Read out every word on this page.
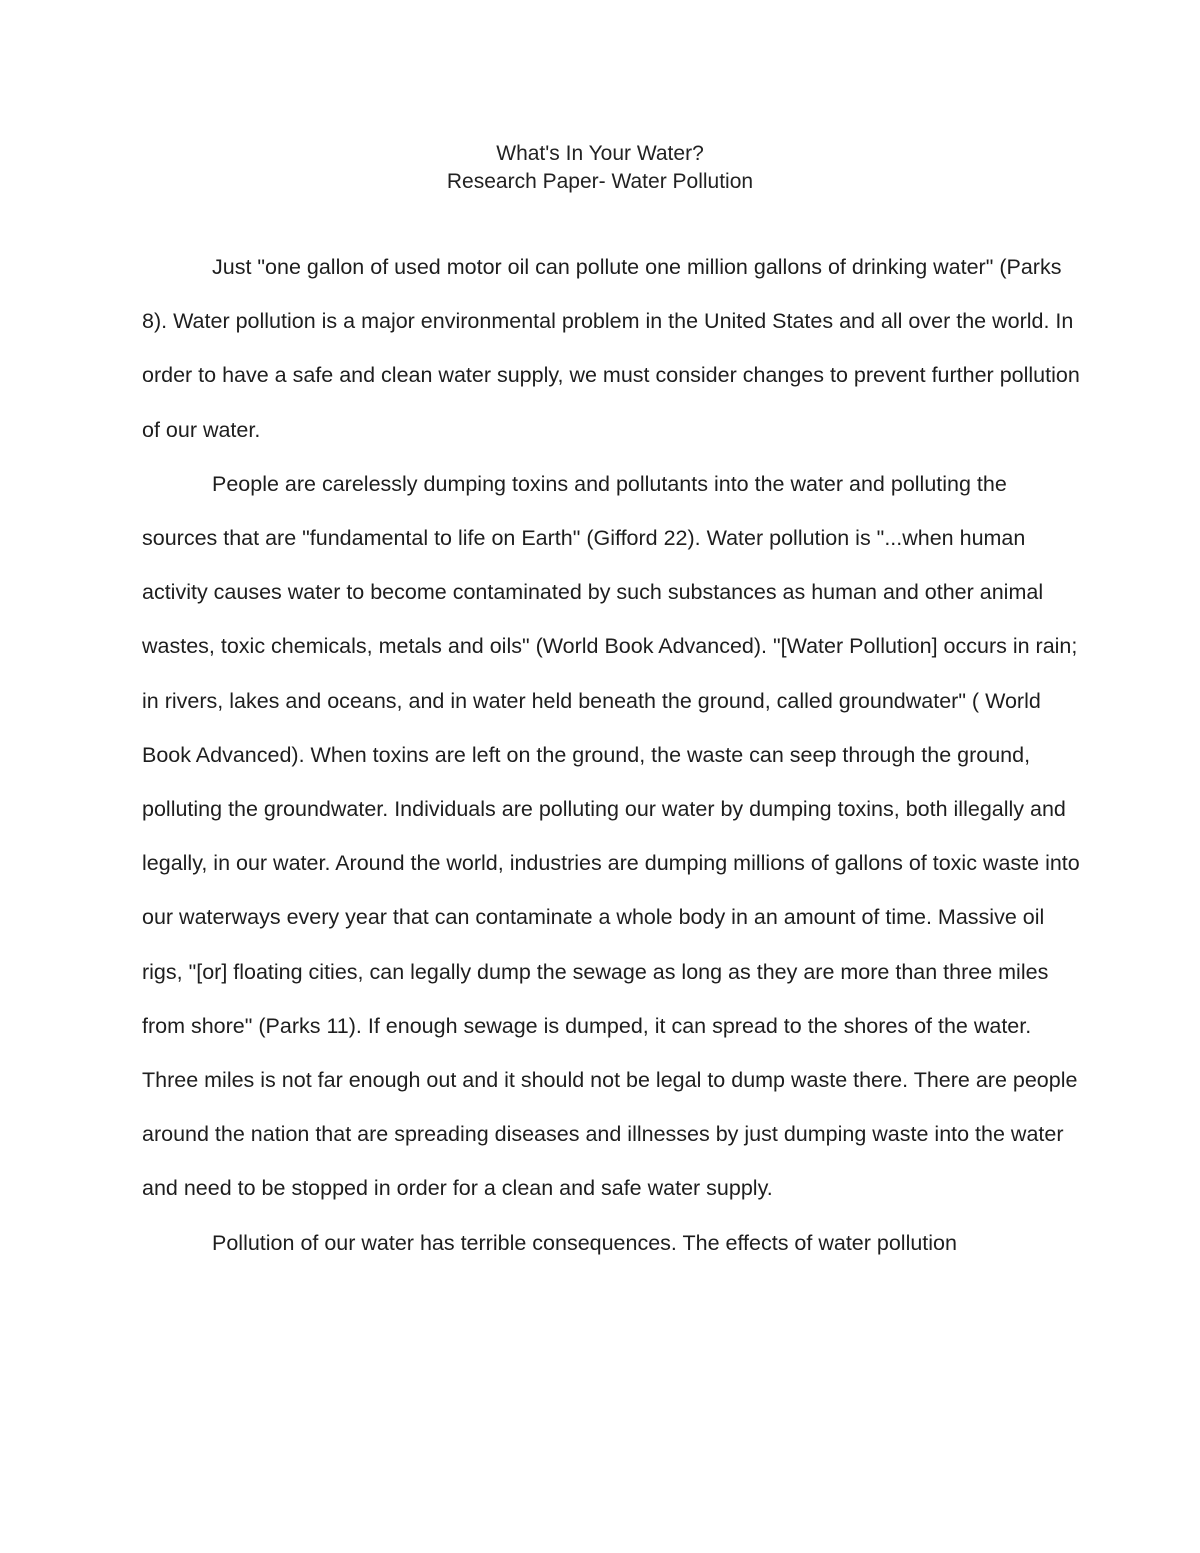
What's In Your Water?
Research Paper- Water Pollution

Just "one gallon of used motor oil can pollute one million gallons of drinking water" (Parks 8). Water pollution is a major environmental problem in the United States and all over the world. In order to have a safe and clean water supply, we must consider changes to prevent further pollution of our water.

People are carelessly dumping toxins and pollutants into the water and polluting the sources that are "fundamental to life on Earth" (Gifford 22). Water pollution is "...when human activity causes water to become contaminated by such substances as human and other animal wastes, toxic chemicals, metals and oils" (World Book Advanced). "[Water Pollution] occurs in rain; in rivers, lakes and oceans, and in water held beneath the ground, called groundwater" ( World Book Advanced). When toxins are left on the ground, the waste can seep through the ground, polluting the groundwater. Individuals are polluting our water by dumping toxins, both illegally and legally, in our water. Around the world, industries are dumping millions of gallons of toxic waste into our waterways every year that can contaminate a whole body in an amount of time. Massive oil rigs, "[or] floating cities, can legally dump the sewage as long as they are more than three miles from shore" (Parks 11). If enough sewage is dumped, it can spread to the shores of the water. Three miles is not far enough out and it should not be legal to dump waste there. There are people around the nation that are spreading diseases and illnesses by just dumping waste into the water and need to be stopped in order for a clean and safe water supply.

Pollution of our water has terrible consequences. The effects of water pollution
